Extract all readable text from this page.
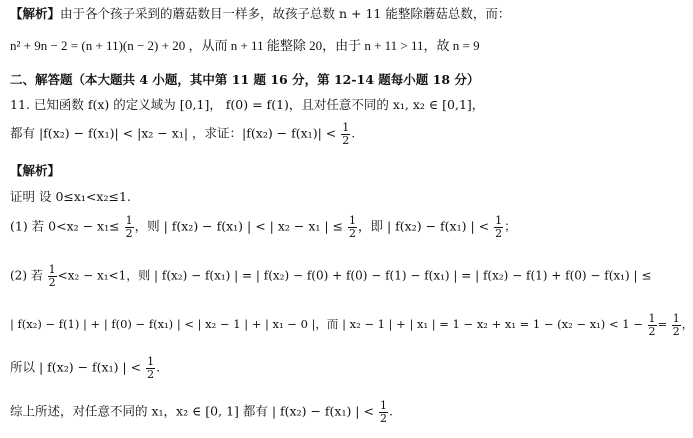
【解析】由于各个孩子采到的蘑菇数目一样多，故孩子总数 n + 11 能整除蘑菇总数，而：
n² + 9n − 2 = (n + 11)(n − 2) + 20 ，从而 n + 11 能整除 20，由于 n + 11 > 11，故 n = 9
二、解答题（本大题共 4 小题，其中第 11 题 16 分，第 12-14 题每小题 18 分）
11. 已知函数 f(x) 的定义域为 [0,1]， f(0) = f(1)，且对任意不同的 x₁, x₂ ∈ [0,1]，
都有 |f(x₂) − f(x₁)| < |x₂ − x₁| ，求证：$|f(x_2) - f(x_1)| < \frac{1}{2}$ .
【解析】
证明 设 0≤x₁<x₂≤1.
(1) 若 $0<x_2 - x_1\le \frac{1}{2}$ ，则 | f(x₂) − f(x₁) | < | x₂ − x₁ | ≤ $\frac{1}{2}$ ，即 | f(x₂) − f(x₁) | < $\frac{1}{2}$ ；
(2) 若 $\frac{1}{2} <x_2 - x_1<1$，则 | f(x₂) − f(x₁) | = | f(x₂) − f(0) + f(0) − f(1) − f(x₁) | = | f(x₂) − f(1) + f(0) − f(x₁) | ≤
| f(x₂) − f(1) | + | f(0) − f(x₁) | < | x₂ − 1 | + | x₁ − 0 |，而 | x₂ − 1 | + | x₁ | = $1 - x_2 + x_1 = 1 - (x_2 - x_1) < 1 - \frac{1}{2} = \frac{1}{2}$ ，
所以 | f(x₂) − f(x₁) | < $\frac{1}{2}$ .
综上所述，对任意不同的 x₁，x₂ ∈ [0, 1] 都有 | f(x₂) − f(x₁) | < $\frac{1}{2}$ .
